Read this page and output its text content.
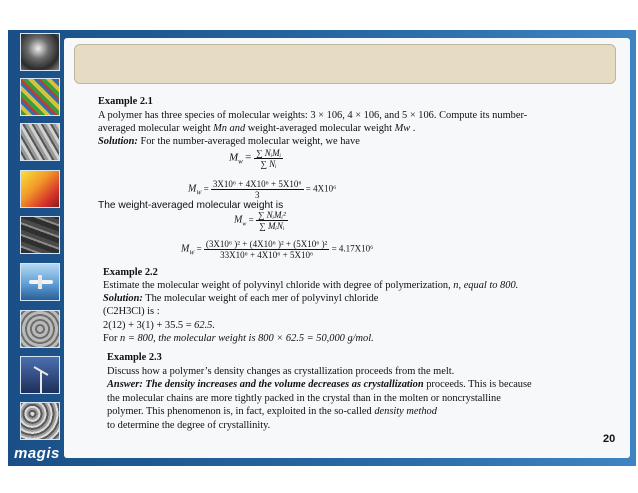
magis
Example 2.1
A polymer has three species of molecular weights: 3 × 106, 4 × 106, and 5 × 106. Compute its number-
averaged molecular weight Mn and weight-averaged molecular weight Mw .
Solution: For the number-averaged molecular weight, we have
$M_w = \frac{\text{∑ NᵢMᵢ}}{\text{∑ Nᵢ}}$
$M_W = \frac{\text{3X10⁶ + 4X10⁶ + 5X10⁶}}{3} = 4X10^6$
The weight-averaged molecular weight is
$M_w = \frac{\text{∑ NᵢMᵢ²}}{\text{∑ MᵢNᵢ}}$
$M_W = \frac{\text{(3X10⁶ )² + (4X10⁶ )² + (5X10⁶ )²}}{\text{33X10⁶ + 4X10⁶ + 5X10⁶}} = 4.17X10^6$
Example 2.2
Estimate the molecular weight of polyvinyl chloride with degree of polymerization, n, equal to 800.
Solution: The molecular weight of each mer of polyvinyl chloride
(C2H3Cl) is :
2(12) + 3(1) + 35.5 = 62.5.
For n = 800, the molecular weight is 800 × 62.5 = 50,000 g/mol.
Example 2.3
Discuss how a polymer’s density changes as crystallization proceeds from the melt.
Answer: The density increases and the volume decreases as crystallization proceeds. This is because
the molecular chains are more tightly packed in the crystal than in the molten or noncrystalline
polymer. This phenomenon is, in fact, exploited in the so-called density method
to determine the degree of crystallinity.
20
